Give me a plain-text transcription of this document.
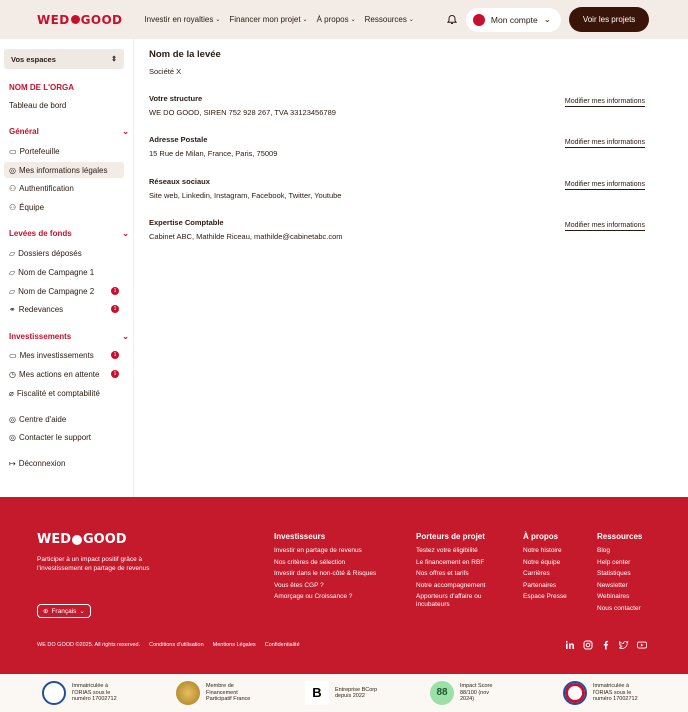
WED GOOD	Investir en royalties ⌄ Financer mon projet ⌄ À propos ⌄ Ressources ⌄	Mon compte ⌄	Voir les projets
Vos espaces	⇕
NOM DE L'ORGA
Tableau de bord
Général	⌄
▭ Portefeuille
◎ Mes informations légales
⚇ Authentification
⚇ Équipe
Levées de fonds	⌄
▱ Dossiers déposés
▱ Nom de Campagne 1
▱ Nom de Campagne 2	1
⚭ Redevances	1
Investissements	⌄
▭ Mes investissements	1
◷ Mes actions en attente	1
⌀ Fiscalité et comptabilité
◎ Centre d'aide
◎ Contacter le support
↦ Déconnexion
Nom de la levée
Société X
Votre structure

WE DO GOOD, SIREN 752 928 267, TVA 33123456789

Modifier mes informations
Adresse Postale

15 Rue de Milan, France, Paris, 75009

Modifier mes informations
Réseaux sociaux

Site web, Linkedin, Instagram, Facebook, Twitter, Youtube

Modifier mes informations
Expertise Comptable

Cabinet ABC, Mathilde Riceau, mathilde@cabinetabc.com

Modifier mes informations
WED GOOD
Participer à un impact positif grâce à l'investissement en partage de revenus
⊕ Français ⌄
Investisseurs
Investir en partage de revenus
Nos critères de sélection
Investir dans le non-côté & Risques
Vous êtes CGP ?
Amorçage ou Croissance ?
Porteurs de projet
Testez votre éligibilité
Le financement en RBF
Nos offres et tarifs
Notre accompagnement
Apporteurs d'affaire ou incubateurs
À propos
Notre histoire
Notre équipe
Carrières
Partenaires
Espace Presse
Ressources
Blog
Help center
Statistiques
Newsletter
Webinaires
Nous contacter
WE DO GOOD ©2025. All rights reserved. Conditions d'utilisation Mentions Légales Confidentialité
Immatriculée à l'ORIAS sous le numéro 17002712
Membre de Financement Participatif France	B	Entreprise BCorp depuis 2022	88
Impact Score 88/100 (nov 2024)
Immatriculée à l'ORIAS sous le numéro 17002712
